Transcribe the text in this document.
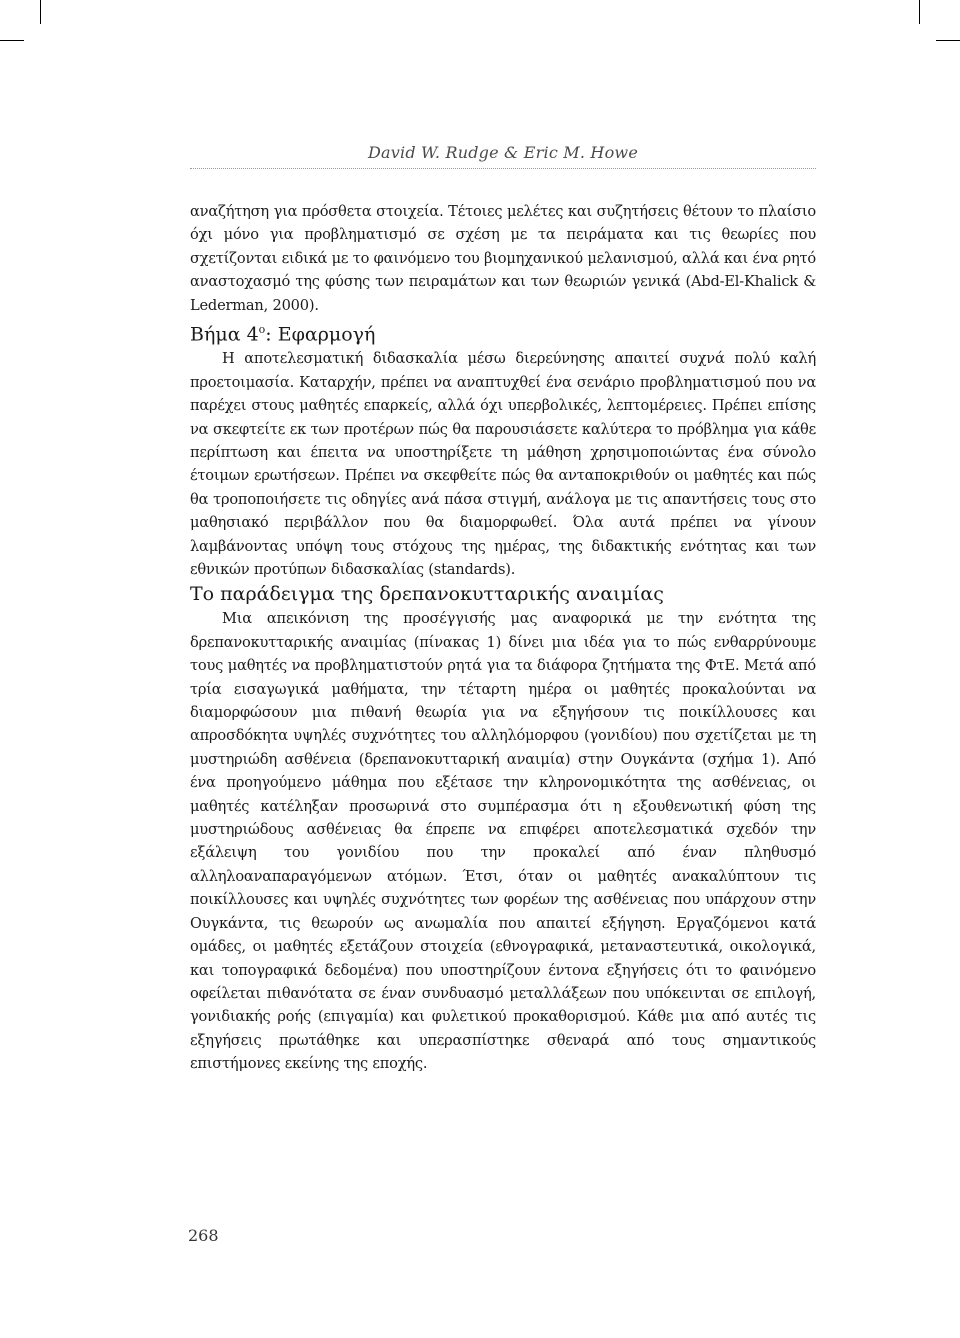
David W. Rudge & Eric M. Howe

αναζήτηση για πρόσθετα στοιχεία. Τέτοιες μελέτες και συζητήσεις θέτουν το πλαίσιο όχι μόνο για προβληματισμό σε σχέση με τα πειράματα και τις θεωρίες που σχετίζονται ειδικά με το φαινόμενο του βιομηχανικού μελανισμού, αλλά και ένα ρητό αναστοχασμό της φύσης των πειραμάτων και των θεωριών γενικά (Abd-El-Khalick & Lederman, 2000).

Βήμα $4^o$: Εφαρμογή

Η αποτελεσματική διδασκαλία μέσω διερεύνησης απαιτεί συχνά πολύ καλή προετοιμασία. Καταρχήν, πρέπει να αναπτυχθεί ένα σενάριο προβληματισμού που να παρέχει στους μαθητές επαρκείς, αλλά όχι υπερβολικές, λεπτομέρειες. Πρέπει επίσης να σκεφτείτε εκ των προτέρων πώς θα παρουσιάσετε καλύτερα το πρόβλημα για κάθε περίπτωση και έπειτα να υποστηρίξετε τη μάθηση χρησιμοποιώντας ένα σύνολο έτοιμων ερωτήσεων. Πρέπει να σκεφθείτε πώς θα ανταποκριθούν οι μαθητές και πώς θα τροποποιήσετε τις οδηγίες ανά πάσα στιγμή, ανάλογα με τις απαντήσεις τους στο μαθησιακό περιβάλλον που θα διαμορφωθεί. Όλα αυτά πρέπει να γίνουν λαμβάνοντας υπόψη τους στόχους της ημέρας, της διδακτικής ενότητας και των εθνικών προτύπων διδασκαλίας (standards).

Το παράδειγμα της δρεπανοκυτταρικής αναιμίας

Μια απεικόνιση της προσέγγισής μας αναφορικά με την ενότητα της δρεπανοκυτταρικής αναιμίας (πίνακας 1) δίνει μια ιδέα για το πώς ενθαρρύνουμε τους μαθητές να προβληματιστούν ρητά για τα διάφορα ζητήματα της ΦτΕ. Μετά από τρία εισαγωγικά μαθήματα, την τέταρτη ημέρα οι μαθητές προκαλούνται να διαμορφώσουν μια πιθανή θεωρία για να εξηγήσουν τις ποικίλλουσες και απροσδόκητα υψηλές συχνότητες του αλληλόμορφου (γονιδίου) που σχετίζεται με τη μυστηριώδη ασθένεια (δρεπανοκυτταρική αναιμία) στην Ουγκάντα (σχήμα 1). Από ένα προηγούμενο μάθημα που εξέτασε την κληρονομικότητα της ασθένειας, οι μαθητές κατέληξαν προσωρινά στο συμπέρασμα ότι η εξουθενωτική φύση της μυστηριώδους ασθένειας θα έπρεπε να επιφέρει αποτελεσματικά σχεδόν την εξάλειψη του γονιδίου που την προκαλεί από έναν πληθυσμό αλληλοαναπαραγόμενων ατόμων. Έτσι, όταν οι μαθητές ανακαλύπτουν τις ποικίλλουσες και υψηλές συχνότητες των φορέων της ασθένειας που υπάρχουν στην Ουγκάντα, τις θεωρούν ως ανωμαλία που απαιτεί εξήγηση. Εργαζόμενοι κατά ομάδες, οι μαθητές εξετάζουν στοιχεία (εθνογραφικά, μεταναστευτικά, οικολογικά, και τοπογραφικά δεδομένα) που υποστηρίζουν έντονα εξηγήσεις ότι το φαινόμενο οφείλεται πιθανότατα σε έναν συνδυασμό μεταλλάξεων που υπόκεινται σε επιλογή, γονιδιακής ροής (επιγαμία) και φυλετικού προκαθορισμού. Κάθε μια από αυτές τις εξηγήσεις πρωτάθηκε και υπερασπίστηκε σθεναρά από τους σημαντικούς επιστήμονες εκείνης της εποχής.

268
